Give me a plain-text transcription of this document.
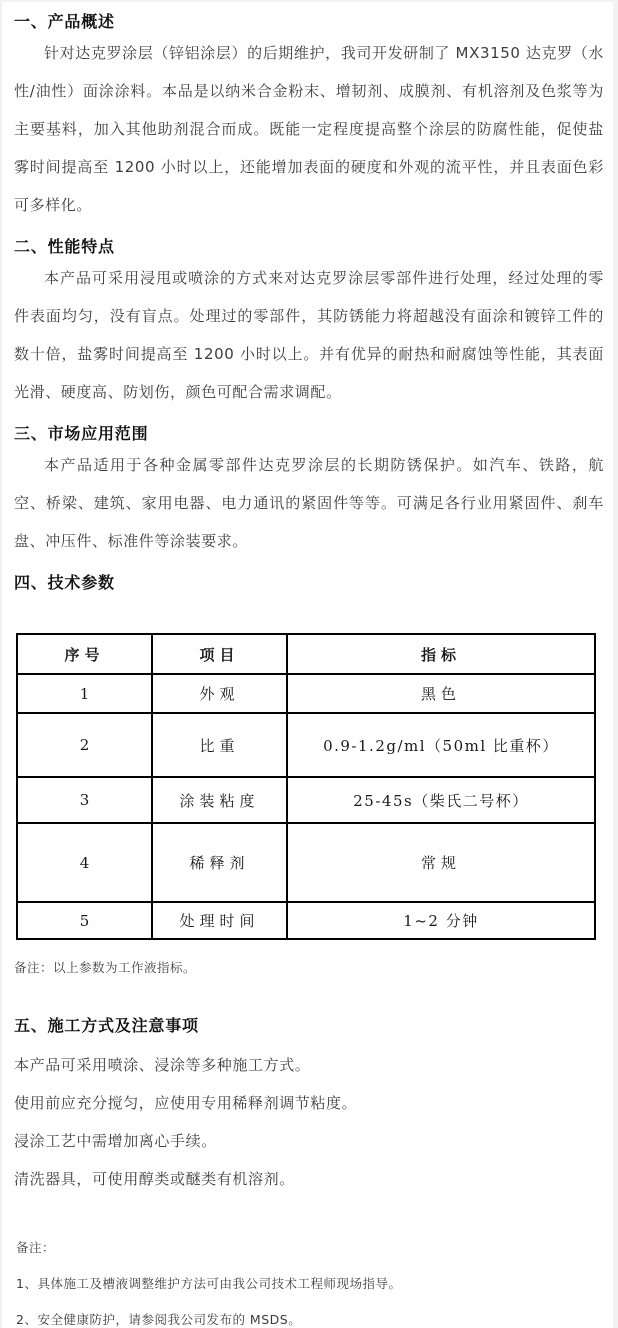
一、产品概述

针对达克罗涂层（锌铝涂层）的后期维护，我司开发研制了 MX3150 达克罗（水性/油性）面涂涂料。本品是以纳米合金粉末、增韧剂、成膜剂、有机溶剂及色浆等为主要基料，加入其他助剂混合而成。既能一定程度提高整个涂层的防腐性能，促使盐雾时间提高至 1200 小时以上，还能增加表面的硬度和外观的流平性，并且表面色彩可多样化。

二、性能特点

本产品可采用浸甩或喷涂的方式来对达克罗涂层零部件进行处理，经过处理的零件表面均匀，没有盲点。处理过的零部件，其防锈能力将超越没有面涂和镀锌工件的数十倍，盐雾时间提高至 1200 小时以上。并有优异的耐热和耐腐蚀等性能，其表面光滑、硬度高、防划伤，颜色可配合需求调配。

三、市场应用范围

本产品适用于各种金属零部件达克罗涂层的长期防锈保护。如汽车、铁路，航空、桥梁、建筑、家用电器、电力通讯的紧固件等等。可满足各行业用紧固件、刹车盘、冲压件、标准件等涂装要求。

四、技术参数
序号	项目	指标
1	外观	黑色
2	比重	0.9-1.2g/ml（50ml 比重杯）
3	涂装粘度	25-45s（柴氏二号杯）
4	稀释剂	常规
5	处理时间	1~2 分钟

备注：以上参数为工作液指标。

五、施工方式及注意事项

本产品可采用喷涂、浸涂等多种施工方式。

使用前应充分搅匀，应使用专用稀释剂调节粘度。

浸涂工艺中需增加离心手续。

清洗器具，可使用醇类或醚类有机溶剂。

备注：

1、具体施工及槽液调整维护方法可由我公司技术工程师现场指导。

2、安全健康防护，请参阅我公司发布的 MSDS。
